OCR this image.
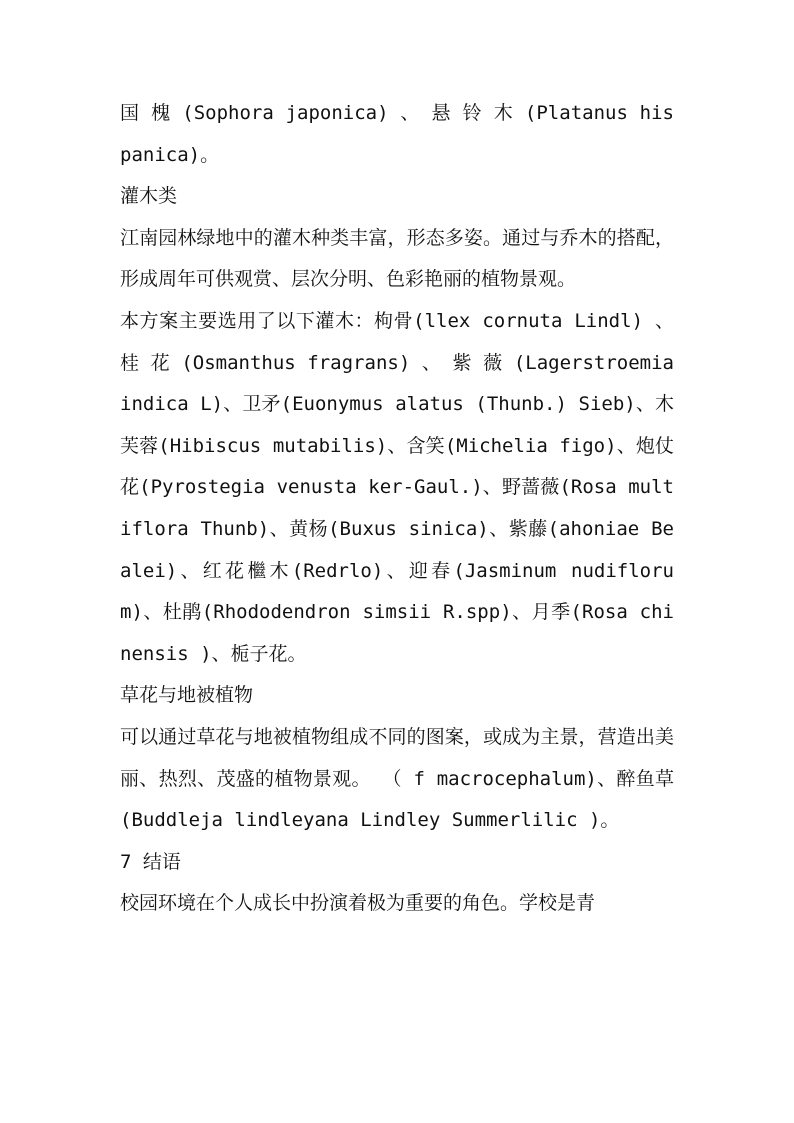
国 槐 (Sophora japonica) 、 悬 铃 木 (Platanus hispanica)。

灌木类

江南园林绿地中的灌木种类丰富，形态多姿。通过与乔木的搭配，形成周年可供观赏、层次分明、色彩艳丽的植物景观。

本方案主要选用了以下灌木：枸骨(llex cornuta Lindl) 、 桂 花 (Osmanthus fragrans) 、 紫 薇 (Lagerstroemia indica L)、卫矛(Euonymus alatus (Thunb.) Sieb)、木芙蓉(Hibiscus mutabilis)、含笑(Michelia figo)、炮仗花(Pyrostegia venusta ker-Gaul.)、野蔷薇(Rosa multiflora Thunb)、黄杨(Buxus sinica)、紫藤(ahoniae Bealei)、红花檵木(Redrlo)、迎春(Jasminum nudiflorum)、杜鹃(Rhododendron simsii R.spp)、月季(Rosa chinensis )、栀子花。

草花与地被植物

可以通过草花与地被植物组成不同的图案，或成为主景，营造出美丽、热烈、茂盛的植物景观。 （ f macrocephalum)、醉鱼草(Buddleja lindleyana Lindley Summerlilic )。

7 结语

校园环境在个人成长中扮演着极为重要的角色。学校是青
